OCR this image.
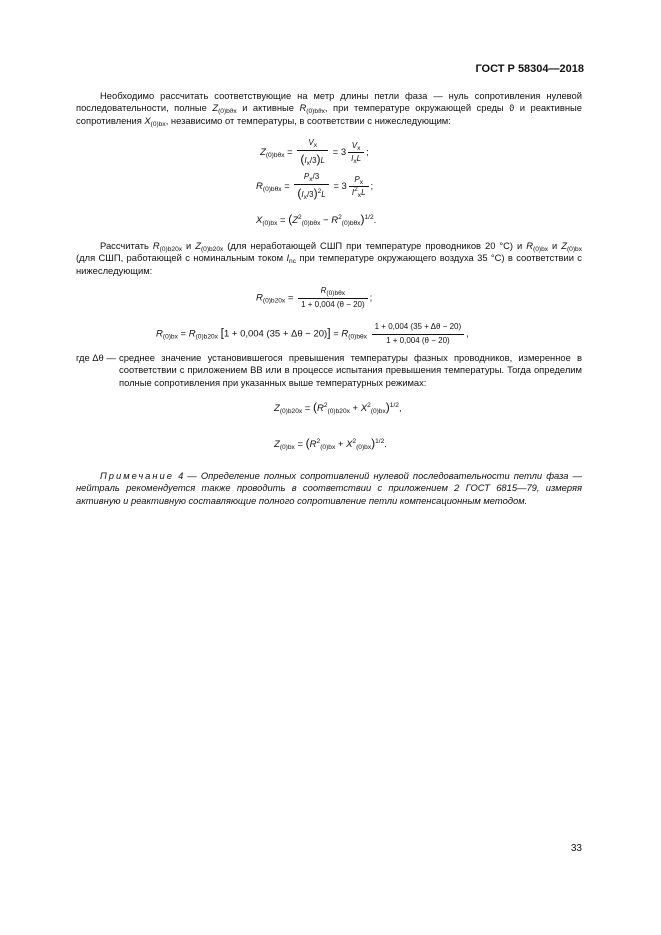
ГОСТ Р 58304—2018
Необходимо рассчитать соответствующие на метр длины петли фаза — нуль сопротивления нулевой последовательности, полные $Z_{(0)bϑx}$ и активные $R_{(0)bϑx}$, при температуре окружающей среды ϑ и реактивные сопротивления $X_{(0)bx}$, независимо от температуры, в соответствии с нижеследующим:
$Z_{(0)b\theta x} = \frac{V_x}{(I_x/3)L} = 3 \frac{V_x}{I_xL}$ ;
$R_{(0)b\theta x} = \frac{P_x/3}{(I_x/3)^2L} = 3 \frac{P_x}{I^2_xL}$ ;
$X_{(0)bx} = (Z^2_{(0)b\theta x} - R^2_{(0)b\theta x})^{1/2}$.
Рассчитать $R_{(0)b20x}$ и $Z_{(0)b20x}$ (для неработающей СШП при температуре проводников 20 °C) и $R_{(0)bx}$ и $Z_{(0)bx}$ (для СШП, работающей с номинальным током $I_{nc}$ при температуре окружающего воздуха 35 °C) в соответствии с нижеследующим:
$R_{(0)b20x} = \frac{R_{(0)b\theta x}}{1 + 0,004 (\theta - 20)}$ ;
$R_{(0)bx} = R_{(0)b20x}$ [1 + 0,004 $(35 + \Delta\theta - 20)] = R_{(0)b\theta x} \frac{1 + 0,004 (35 + \Delta\theta - 20)}{1 + 0,004 (\theta - 20)}$ ,
где Δθ — среднее значение установившегося превышения температуры фазных проводников, измеренное в соответствии с приложением ВВ или в процессе испытания превышения температуры. Тогда определим полные сопротивления при указанных выше температурных режимах:
$Z_{(0)b20x} = (R^2_{(0)b20x} + X^2_{(0)bx})^{1/2}$,
$Z_{(0)bx} = (R^2_{(0)bx} + X^2_{(0)bx})^{1/2}$.
Примечание 4 — Определение полных сопротивлений нулевой последовательности петли фаза — нейтраль рекомендуется также проводить в соответствии с приложением 2 ГОСТ 6815—79, измеряя активную и реактивную составляющие полного сопротивление петли компенсационным методом.
33
